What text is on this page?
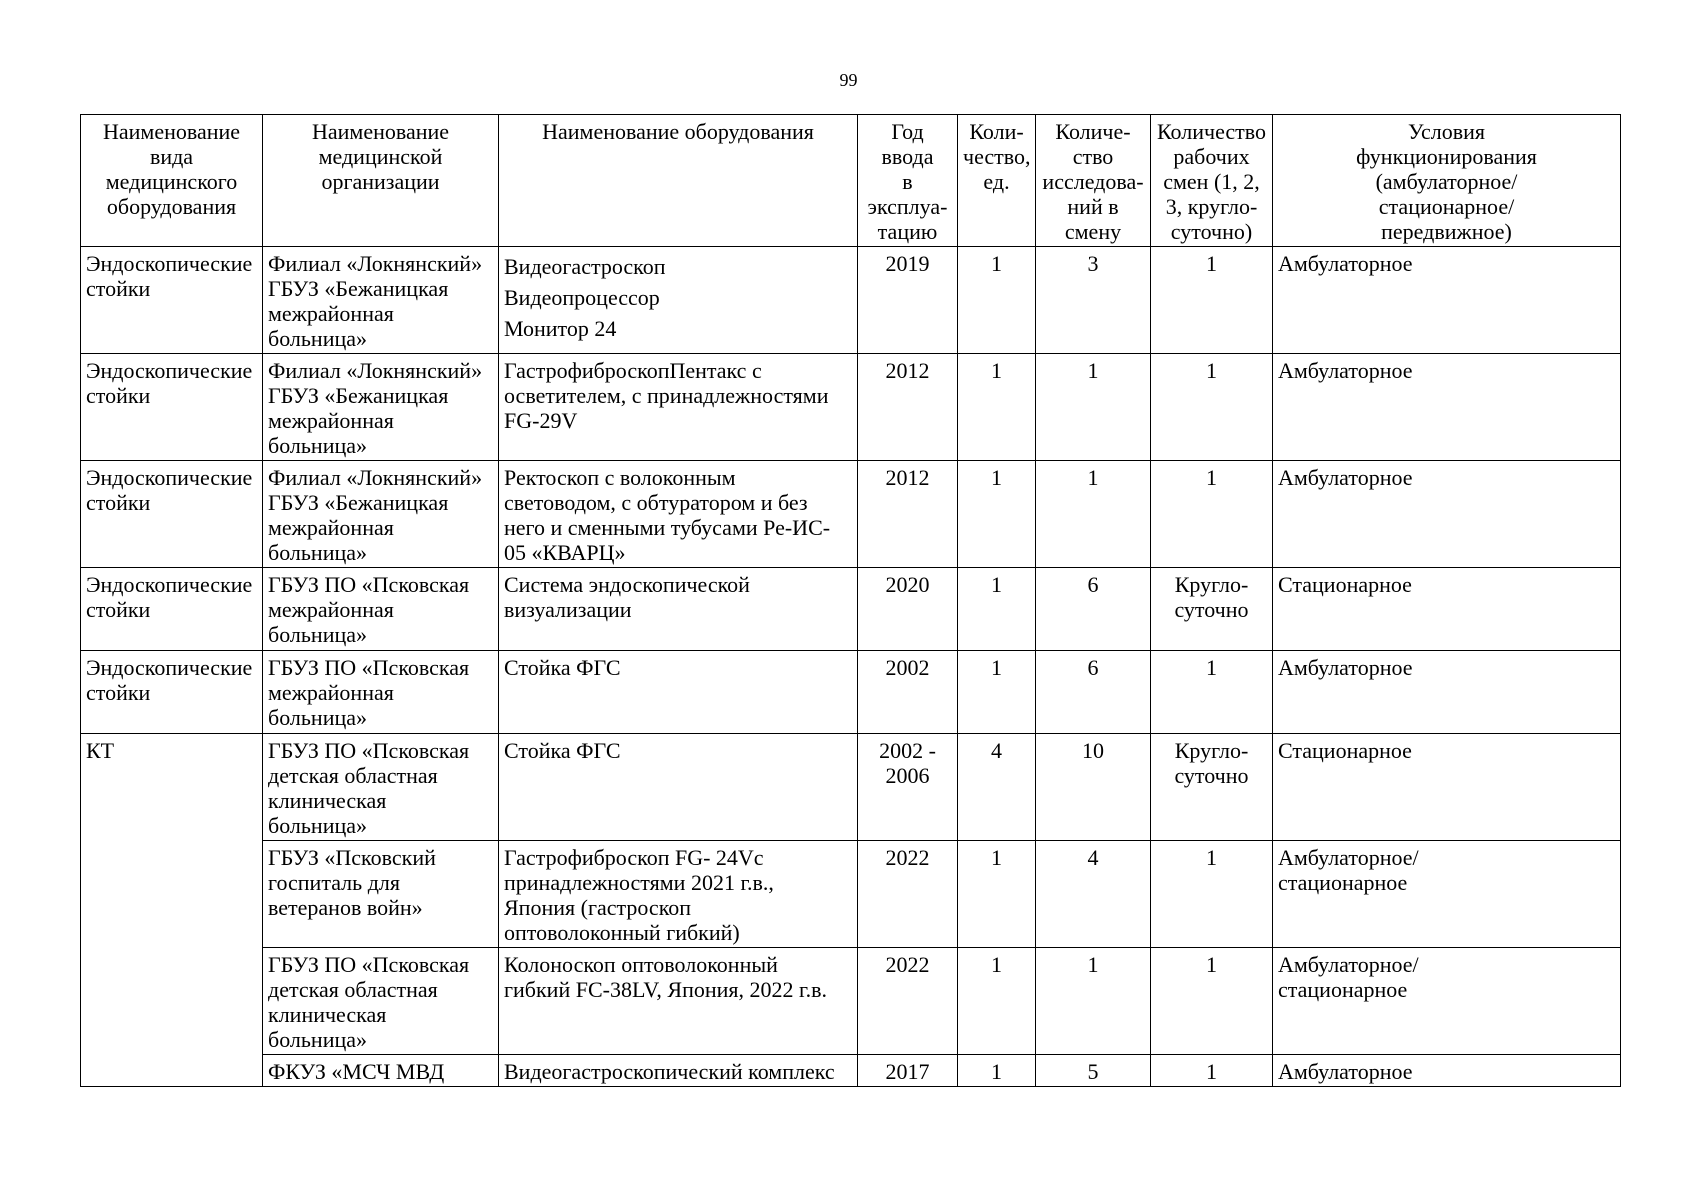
99
Наименование
вида
медицинского
оборудования	Наименование
медицинской
организации	Наименование оборудования	Год
ввода
в
эксплуа-
тацию	Коли-
чество,
ед.	Количе-
ство
исследова-
ний в
смену	Количество
рабочих
смен (1, 2,
3, кругло-
суточно)	Условия
функционирования
(амбулаторное/
стационарное/
передвижное)

Эндоскопические
стойки	Филиал «Локнянский»
ГБУЗ «Бежаницкая
межрайонная
больница»	Видеогастроскоп
Видеопроцессор
Монитор 24	2019	1	3	1	Амбулаторное

Эндоскопические
стойки	Филиал «Локнянский»
ГБУЗ «Бежаницкая
межрайонная
больница»	ГастрофиброскопПентакс с
осветителем, с принадлежностями
FG-29V	2012	1	1	1	Амбулаторное

Эндоскопические
стойки	Филиал «Локнянский»
ГБУЗ «Бежаницкая
межрайонная
больница»	Ректоскоп с волоконным
световодом, с обтуратором и без
него и сменными тубусами Ре-ИС-
05 «КВАРЦ»	2012	1	1	1	Амбулаторное

Эндоскопические
стойки	ГБУЗ ПО «Псковская
межрайонная
больница»	Система эндоскопической
визуализации	2020	1	6	Кругло-
суточно	Стационарное

Эндоскопические
стойки	ГБУЗ ПО «Псковская
межрайонная
больница»	Стойка ФГС	2002	1	6	1	Амбулаторное

КТ	ГБУЗ ПО «Псковская
детская областная
клиническая
больница»	Стойка ФГС	2002 -
2006	4	10	Кругло-
суточно	Стационарное

	ГБУЗ «Псковский
госпиталь для
ветеранов войн»	Гастрофиброскоп FG- 24Vc
принадлежностями 2021 г.в.,
Япония (гастроскоп
оптоволоконный гибкий)	2022	1	4	1	Амбулаторное/
стационарное

	ГБУЗ ПО «Псковская
детская областная
клиническая
больница»	Колоноскоп оптоволоконный
гибкий FC-38LV, Япония, 2022 г.в.	2022	1	1	1	Амбулаторное/
стационарное

	ФКУЗ «МСЧ МВД	Видеогастроскопический комплекс	2017	1	5	1	Амбулаторное
